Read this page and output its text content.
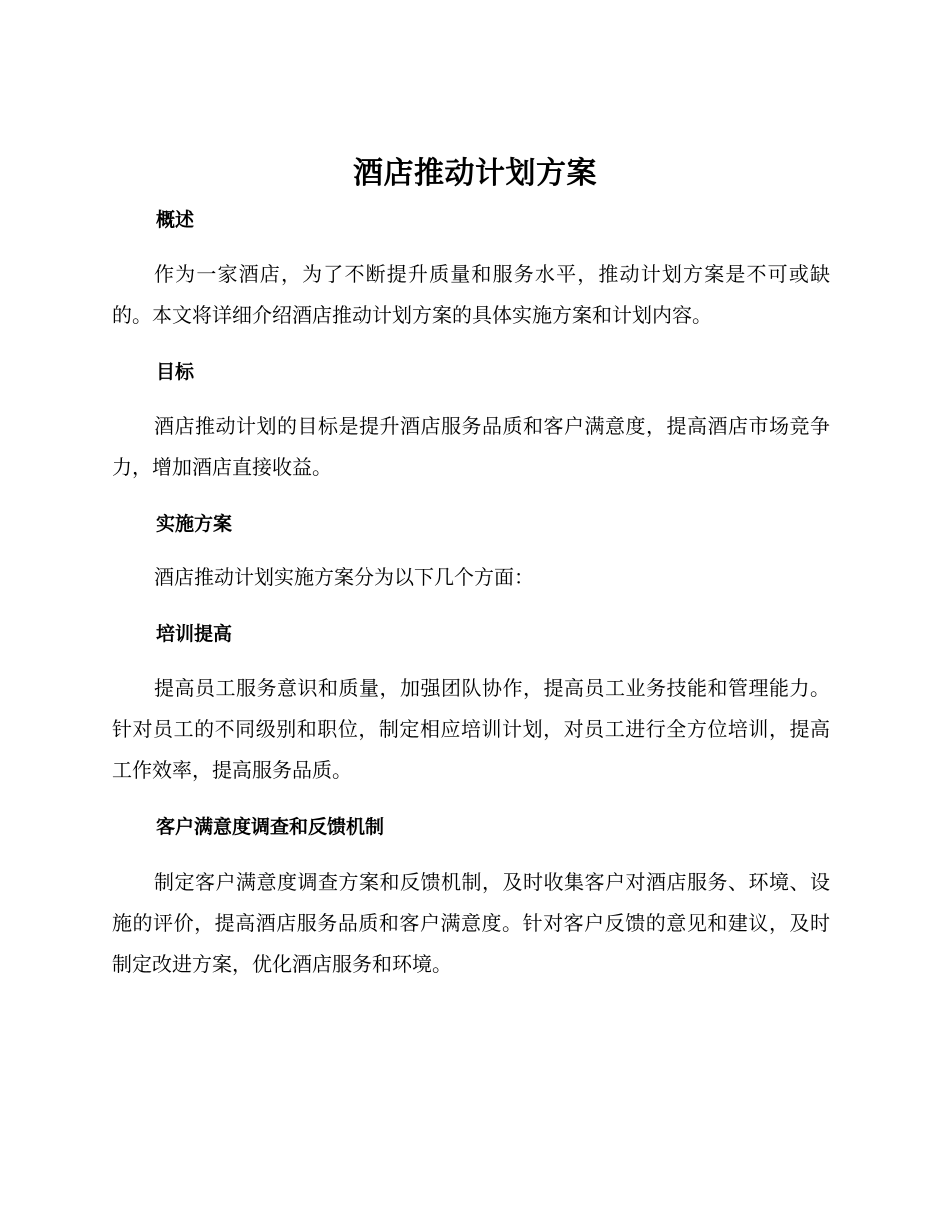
酒店推动计划方案
概述

作为一家酒店，为了不断提升质量和服务水平，推动计划方案是不可或缺的。本文将详细介绍酒店推动计划方案的具体实施方案和计划内容。

目标

酒店推动计划的目标是提升酒店服务品质和客户满意度，提高酒店市场竞争力，增加酒店直接收益。

实施方案

酒店推动计划实施方案分为以下几个方面：

培训提高

提高员工服务意识和质量，加强团队协作，提高员工业务技能和管理能力。针对员工的不同级别和职位，制定相应培训计划，对员工进行全方位培训，提高工作效率，提高服务品质。

客户满意度调查和反馈机制

制定客户满意度调查方案和反馈机制，及时收集客户对酒店服务、环境、设施的评价，提高酒店服务品质和客户满意度。针对客户反馈的意见和建议，及时制定改进方案，优化酒店服务和环境。
